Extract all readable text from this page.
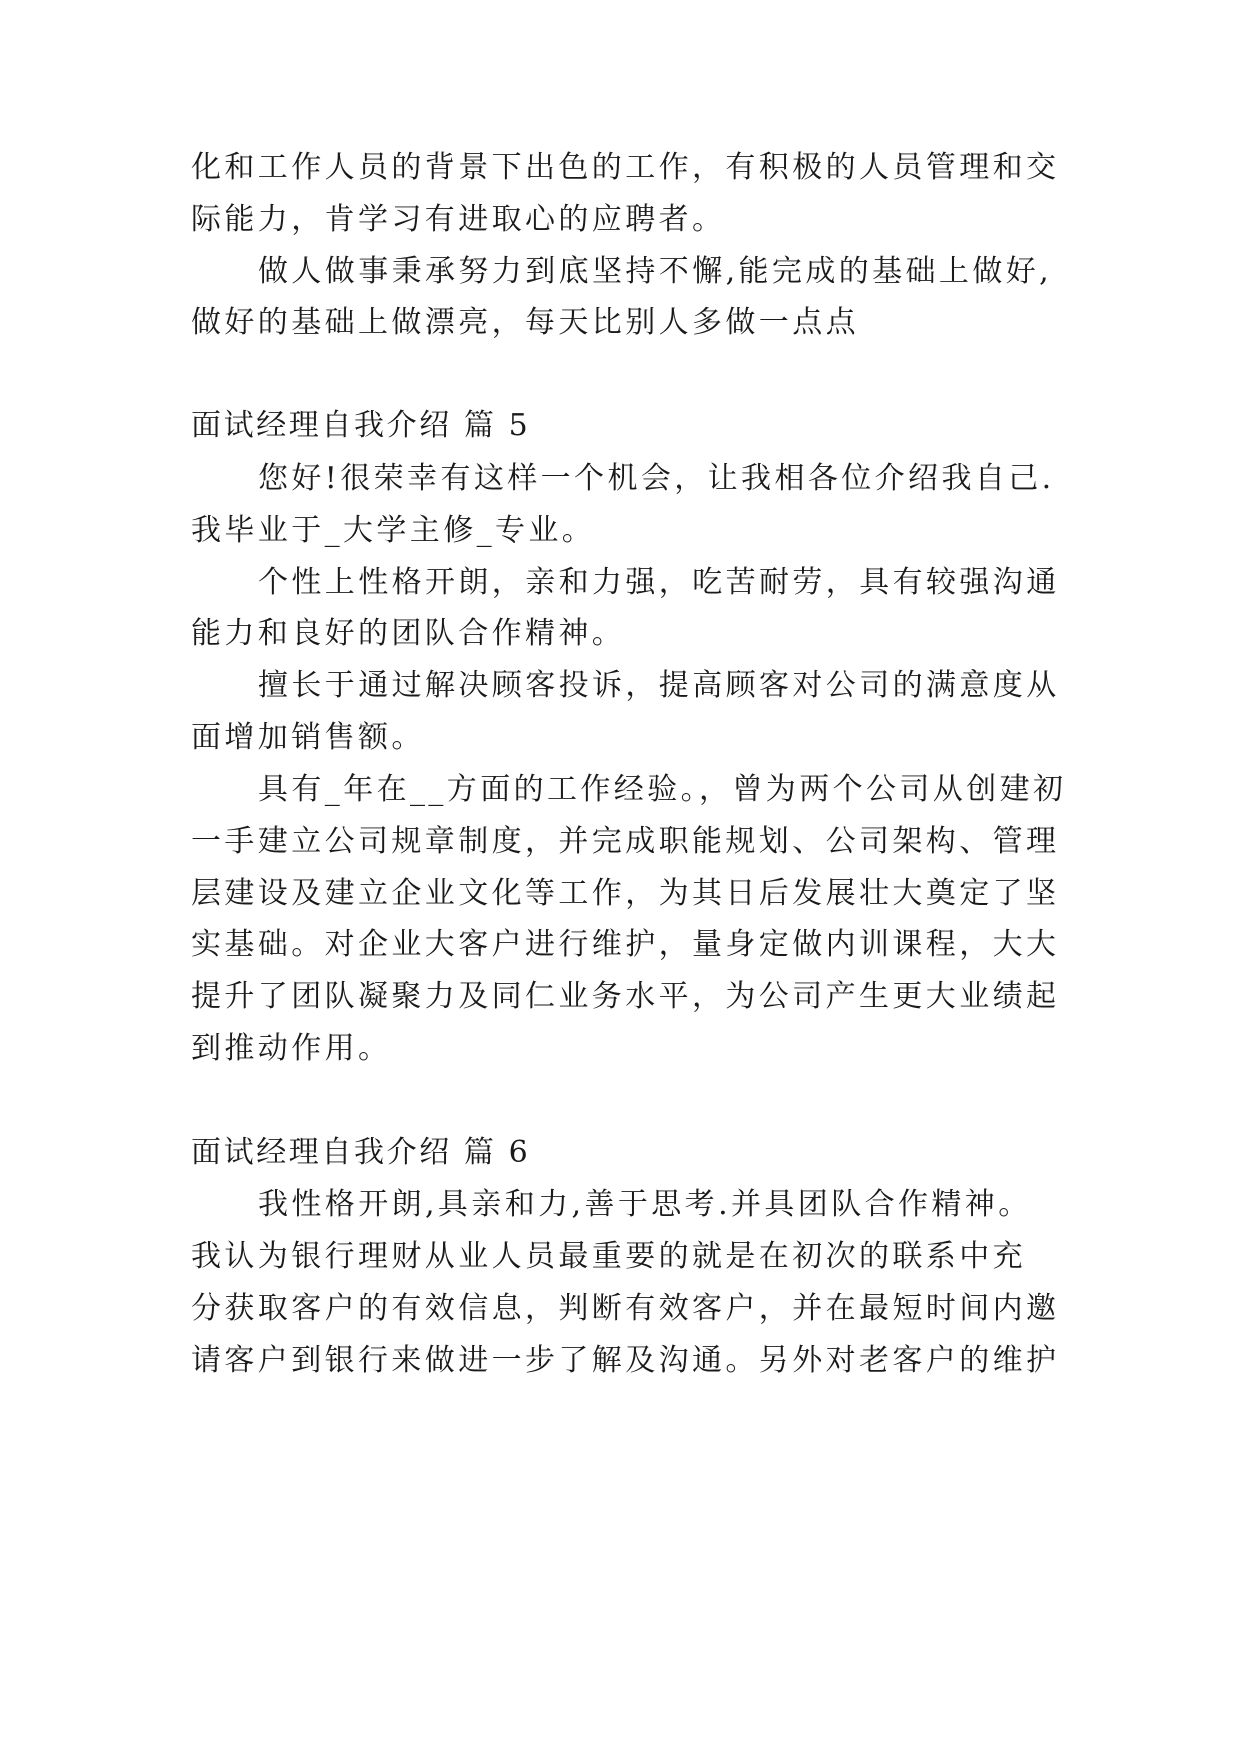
化和工作人员的背景下出色的工作，有积极的人员管理和交
际能力，肯学习有进取心的应聘者。
做人做事秉承努力到底坚持不懈,能完成的基础上做好,
做好的基础上做漂亮，每天比别人多做一点点
面试经理自我介绍 篇 5
您好!很荣幸有这样一个机会，让我相各位介绍我自己.
我毕业于_大学主修_专业。
个性上性格开朗，亲和力强，吃苦耐劳，具有较强沟通
能力和良好的团队合作精神。
擅长于通过解决顾客投诉，提高顾客对公司的满意度从
面增加销售额。
具有_年在__方面的工作经验。，曾为两个公司从创建初
一手建立公司规章制度，并完成职能规划、公司架构、管理
层建设及建立企业文化等工作，为其日后发展壮大奠定了坚
实基础。对企业大客户进行维护，量身定做内训课程，大大
提升了团队凝聚力及同仁业务水平，为公司产生更大业绩起
到推动作用。
面试经理自我介绍 篇 6
我性格开朗,具亲和力,善于思考.并具团队合作精神。
我认为银行理财从业人员最重要的就是在初次的联系中充
分获取客户的有效信息，判断有效客户，并在最短时间内邀
请客户到银行来做进一步了解及沟通。另外对老客户的维护
